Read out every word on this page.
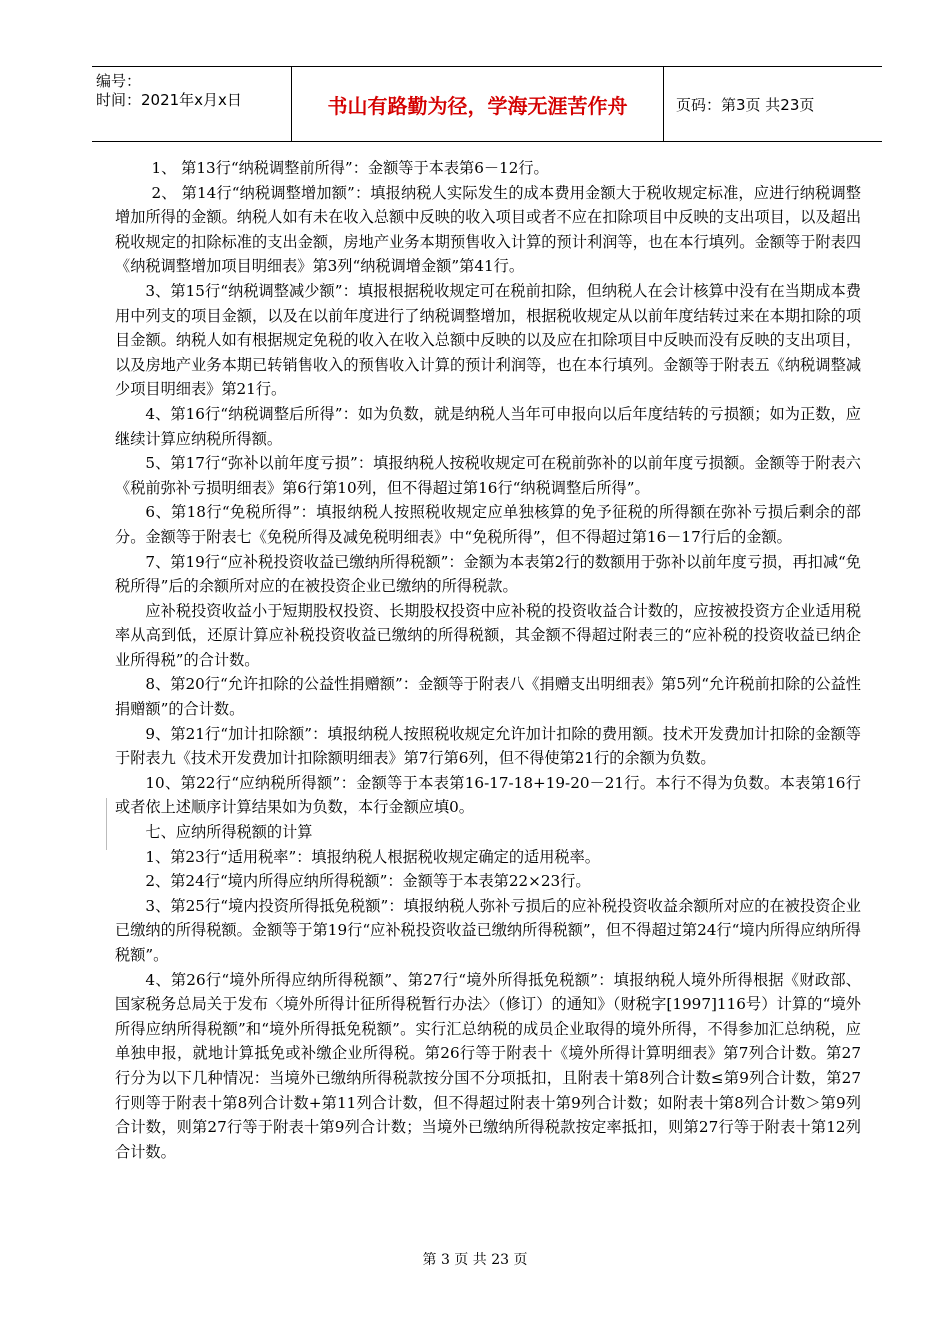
编号：
时间：2021年x月x日	书山有路勤为径，学海无涯苦作舟	页码：第3页 共23页

1、 第13行“纳税调整前所得”：金额等于本表第6－12行。

2、 第14行“纳税调整增加额”：填报纳税人实际发生的成本费用金额大于税收规定标准，应进行纳税调整增加所得的金额。纳税人如有未在收入总额中反映的收入项目或者不应在扣除项目中反映的支出项目，以及超出税收规定的扣除标准的支出金额，房地产业务本期预售收入计算的预计利润等，也在本行填列。金额等于附表四《纳税调整增加项目明细表》第3列“纳税调增金额”第41行。

3、第15行“纳税调整减少额”：填报根据税收规定可在税前扣除，但纳税人在会计核算中没有在当期成本费用中列支的项目金额，以及在以前年度进行了纳税调整增加，根据税收规定从以前年度结转过来在本期扣除的项目金额。纳税人如有根据规定免税的收入在收入总额中反映的以及应在扣除项目中反映而没有反映的支出项目，以及房地产业务本期已转销售收入的预售收入计算的预计利润等，也在本行填列。金额等于附表五《纳税调整减少项目明细表》第21行。

4、第16行“纳税调整后所得”：如为负数，就是纳税人当年可申报向以后年度结转的亏损额；如为正数，应继续计算应纳税所得额。

5、第17行“弥补以前年度亏损”：填报纳税人按税收规定可在税前弥补的以前年度亏损额。金额等于附表六《税前弥补亏损明细表》第6行第10列，但不得超过第16行“纳税调整后所得”。

6、第18行“免税所得”：填报纳税人按照税收规定应单独核算的免予征税的所得额在弥补亏损后剩余的部分。金额等于附表七《免税所得及减免税明细表》中“免税所得”，但不得超过第16－17行后的金额。

7、第19行“应补税投资收益已缴纳所得税额”：金额为本表第2行的数额用于弥补以前年度亏损，再扣减“免税所得”后的余额所对应的在被投资企业已缴纳的所得税款。

应补税投资收益小于短期股权投资、长期股权投资中应补税的投资收益合计数的，应按被投资方企业适用税率从高到低，还原计算应补税投资收益已缴纳的所得税额，其金额不得超过附表三的“应补税的投资收益已纳企业所得税”的合计数。

8、第20行“允许扣除的公益性捐赠额”：金额等于附表八《捐赠支出明细表》第5列“允许税前扣除的公益性捐赠额”的合计数。

9、第21行“加计扣除额”：填报纳税人按照税收规定允许加计扣除的费用额。技术开发费加计扣除的金额等于附表九《技术开发费加计扣除额明细表》第7行第6列，但不得使第21行的余额为负数。

10、第22行“应纳税所得额”：金额等于本表第16-17-18+19-20－21行。本行不得为负数。本表第16行或者依上述顺序计算结果如为负数，本行金额应填0。

七、应纳所得税额的计算

1、第23行“适用税率”：填报纳税人根据税收规定确定的适用税率。

2、第24行“境内所得应纳所得税额”：金额等于本表第22×23行。

3、第25行“境内投资所得抵免税额”：填报纳税人弥补亏损后的应补税投资收益余额所对应的在被投资企业已缴纳的所得税额。金额等于第19行“应补税投资收益已缴纳所得税额”，但不得超过第24行“境内所得应纳所得税额”。

4、第26行“境外所得应纳所得税额”、第27行“境外所得抵免税额”：填报纳税人境外所得根据《财政部、国家税务总局关于发布〈境外所得计征所得税暂行办法〉（修订）的通知》（财税字[1997]116号）计算的“境外所得应纳所得税额”和“境外所得抵免税额”。实行汇总纳税的成员企业取得的境外所得，不得参加汇总纳税，应单独申报，就地计算抵免或补缴企业所得税。第26行等于附表十《境外所得计算明细表》第7列合计数。第27行分为以下几种情况：当境外已缴纳所得税款按分国不分项抵扣，且附表十第8列合计数≤第9列合计数，第27行则等于附表十第8列合计数+第11列合计数，但不得超过附表十第9列合计数；如附表十第8列合计数＞第9列合计数，则第27行等于附表十第9列合计数；当境外已缴纳所得税款按定率抵扣，则第27行等于附表十第12列合计数。

第 3 页 共 23 页
